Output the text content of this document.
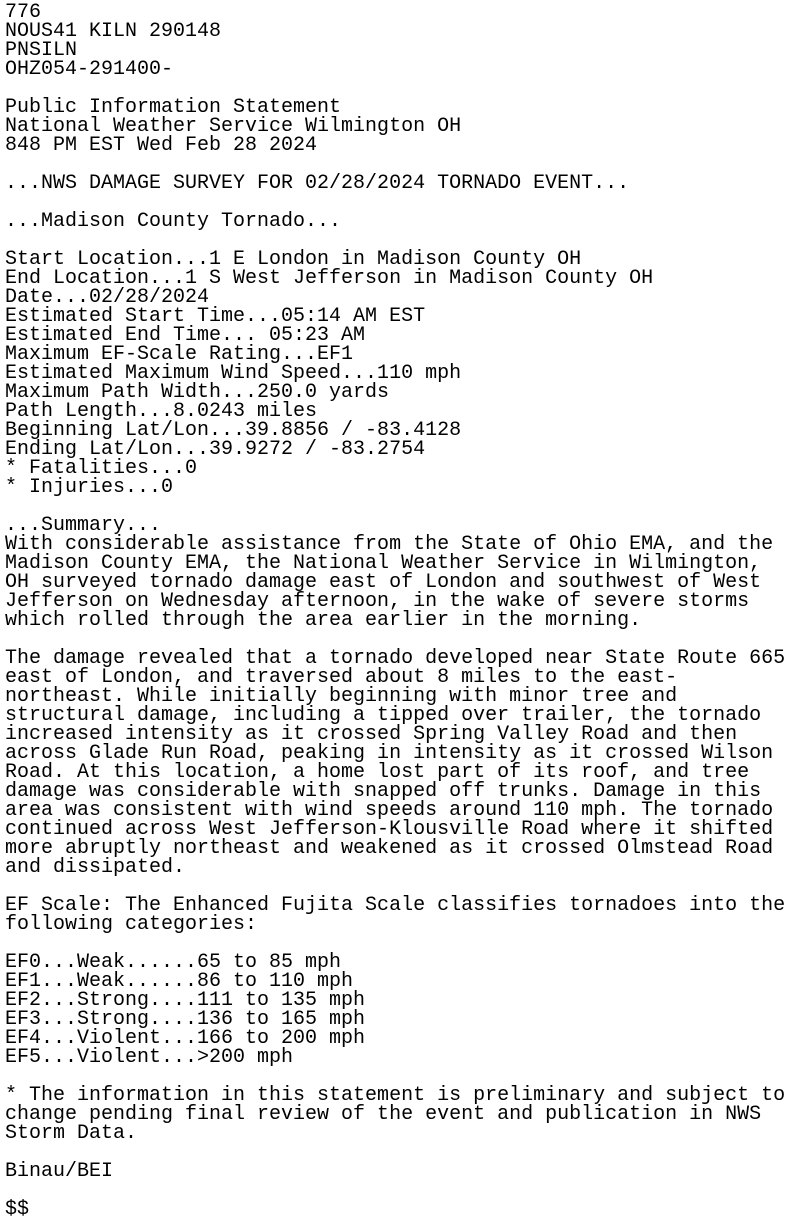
776
NOUS41 KILN 290148
PNSILN
OHZ054-291400-
Public Information Statement
National Weather Service Wilmington OH
848 PM EST Wed Feb 28 2024
...NWS DAMAGE SURVEY FOR 02/28/2024 TORNADO EVENT...
...Madison County Tornado...
Start Location...1 E London in Madison County OH
End Location...1 S West Jefferson in Madison County OH
Date...02/28/2024
Estimated Start Time...05:14 AM EST
Estimated End Time... 05:23 AM
Maximum EF-Scale Rating...EF1
Estimated Maximum Wind Speed...110 mph
Maximum Path Width...250.0 yards
Path Length...8.0243 miles
Beginning Lat/Lon...39.8856 / -83.4128
Ending Lat/Lon...39.9272 / -83.2754
* Fatalities...0
* Injuries...0
...Summary...
With considerable assistance from the State of Ohio EMA, and the
Madison County EMA, the National Weather Service in Wilmington,
OH surveyed tornado damage east of London and southwest of West
Jefferson on Wednesday afternoon, in the wake of severe storms
which rolled through the area earlier in the morning.
The damage revealed that a tornado developed near State Route 665
east of London, and traversed about 8 miles to the east-
northeast. While initially beginning with minor tree and
structural damage, including a tipped over trailer, the tornado
increased intensity as it crossed Spring Valley Road and then
across Glade Run Road, peaking in intensity as it crossed Wilson
Road. At this location, a home lost part of its roof, and tree
damage was considerable with snapped off trunks. Damage in this
area was consistent with wind speeds around 110 mph. The tornado
continued across West Jefferson-Klousville Road where it shifted
more abruptly northeast and weakened as it crossed Olmstead Road
and dissipated.
EF Scale: The Enhanced Fujita Scale classifies tornadoes into the
following categories:
EF0...Weak......65 to 85 mph
EF1...Weak......86 to 110 mph
EF2...Strong....111 to 135 mph
EF3...Strong....136 to 165 mph
EF4...Violent...166 to 200 mph
EF5...Violent...>200 mph
* The information in this statement is preliminary and subject to
change pending final review of the event and publication in NWS
Storm Data.
Binau/BEI
$$
